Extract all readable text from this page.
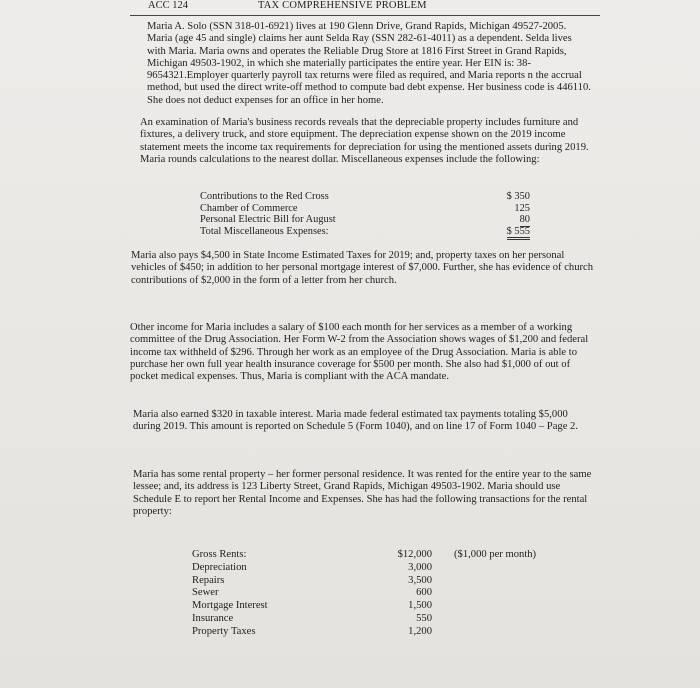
ACC 124	TAX COMPREHENSIVE PROBLEM

Maria A. Solo (SSN 318-01-6921) lives at 190 Glenn Drive, Grand Rapids, Michigan 49527-2005. Maria (age 45 and single) claims her aunt Selda Ray (SSN 282-61-4011) as a dependent. Selda lives with Maria. Maria owns and operates the Reliable Drug Store at 1816 First Street in Grand Rapids, Michigan 49503-1902, in which she materially participates the entire year. Her EIN is: 38-9654321.Employer quarterly payroll tax returns were filed as required, and Maria reports n the accrual method, but used the direct write-off method to compute bad debt expense. Her business code is 446110. She does not deduct expenses for an office in her home.

An examination of Maria's business records reveals that the depreciable property includes furniture and fixtures, a delivery truck, and store equipment. The depreciation expense shown on the 2019 income statement meets the income tax requirements for depreciation for using the mentioned assets during 2019. Maria rounds calculations to the nearest dollar. Miscellaneous expenses include the following:

Contributions to the Red Cross	$ 350
Chamber of Commerce	125
Personal Electric Bill for August	80
Total Miscellaneous Expenses:	$ 555

Maria also pays $4,500 in State Income Estimated Taxes for 2019; and, property taxes on her personal vehicles of $450; in addition to her personal mortgage interest of $7,000. Further, she has evidence of church contributions of $2,000 in the form of a letter from her church.

Other income for Maria includes a salary of $100 each month for her services as a member of a working committee of the Drug Association. Her Form W-2 from the Association shows wages of $1,200 and federal income tax withheld of $296. Through her work as an employee of the Drug Association. Maria is able to purchase her own full year health insurance coverage for $500 per month. She also had $1,000 of out of pocket medical expenses. Thus, Maria is compliant with the ACA mandate.

Maria also earned $320 in taxable interest. Maria made federal estimated tax payments totaling $5,000 during 2019. This amount is reported on Schedule 5 (Form 1040), and on line 17 of Form 1040 – Page 2.

Maria has some rental property – her former personal residence. It was rented for the entire year to the same lessee; and, its address is 123 Liberty Street, Grand Rapids, Michigan 49503-1902. Maria should use Schedule E to report her Rental Income and Expenses. She has had the following transactions for the rental property:

Gross Rents:	$12,000 ($1,000 per month)
Depreciation	3,000
Repairs	3,500
Sewer	600
Mortgage Interest	1,500
Insurance	550
Property Taxes	1,200
